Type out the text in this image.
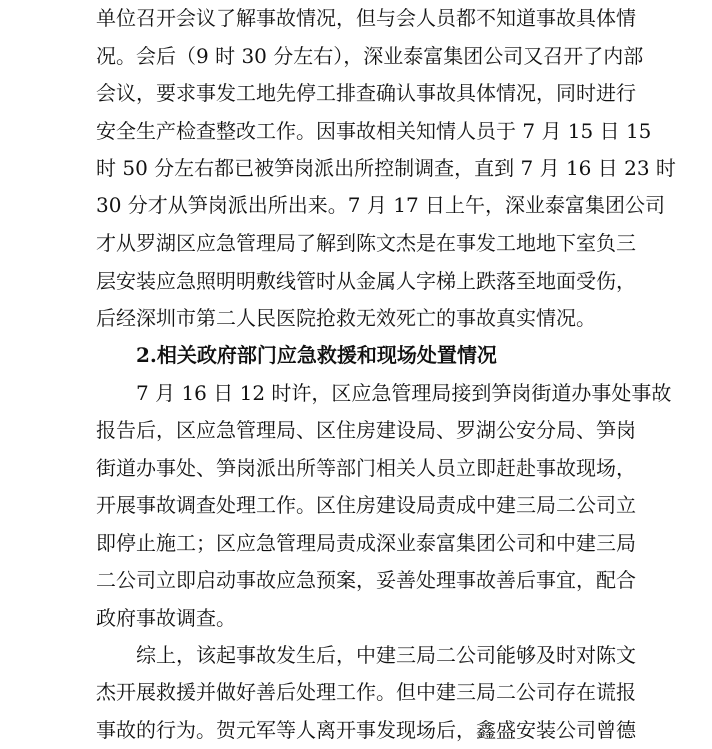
单位召开会议了解事故情况，但与会人员都不知道事故具体情
况。会后（9 时 30 分左右），深业泰富集团公司又召开了内部
会议，要求事发工地先停工排查确认事故具体情况，同时进行
安全生产检查整改工作。因事故相关知情人员于 7 月 15 日 15
时 50 分左右都已被笋岗派出所控制调查，直到 7 月 16 日 23 时
30 分才从笋岗派出所出来。7 月 17 日上午，深业泰富集团公司
才从罗湖区应急管理局了解到陈文杰是在事发工地地下室负三
层安装应急照明明敷线管时从金属人字梯上跌落至地面受伤，
后经深圳市第二人民医院抢救无效死亡的事故真实情况。
2.相关政府部门应急救援和现场处置情况
7 月 16 日 12 时许，区应急管理局接到笋岗街道办事处事故
报告后，区应急管理局、区住房建设局、罗湖公安分局、笋岗
街道办事处、笋岗派出所等部门相关人员立即赶赴事故现场，
开展事故调查处理工作。区住房建设局责成中建三局二公司立
即停止施工；区应急管理局责成深业泰富集团公司和中建三局
二公司立即启动事故应急预案，妥善处理事故善后事宜，配合
政府事故调查。
综上，该起事故发生后，中建三局二公司能够及时对陈文
杰开展救援并做好善后处理工作。但中建三局二公司存在谎报
事故的行为。贺元军等人离开事发现场后，鑫盛安装公司曾德
